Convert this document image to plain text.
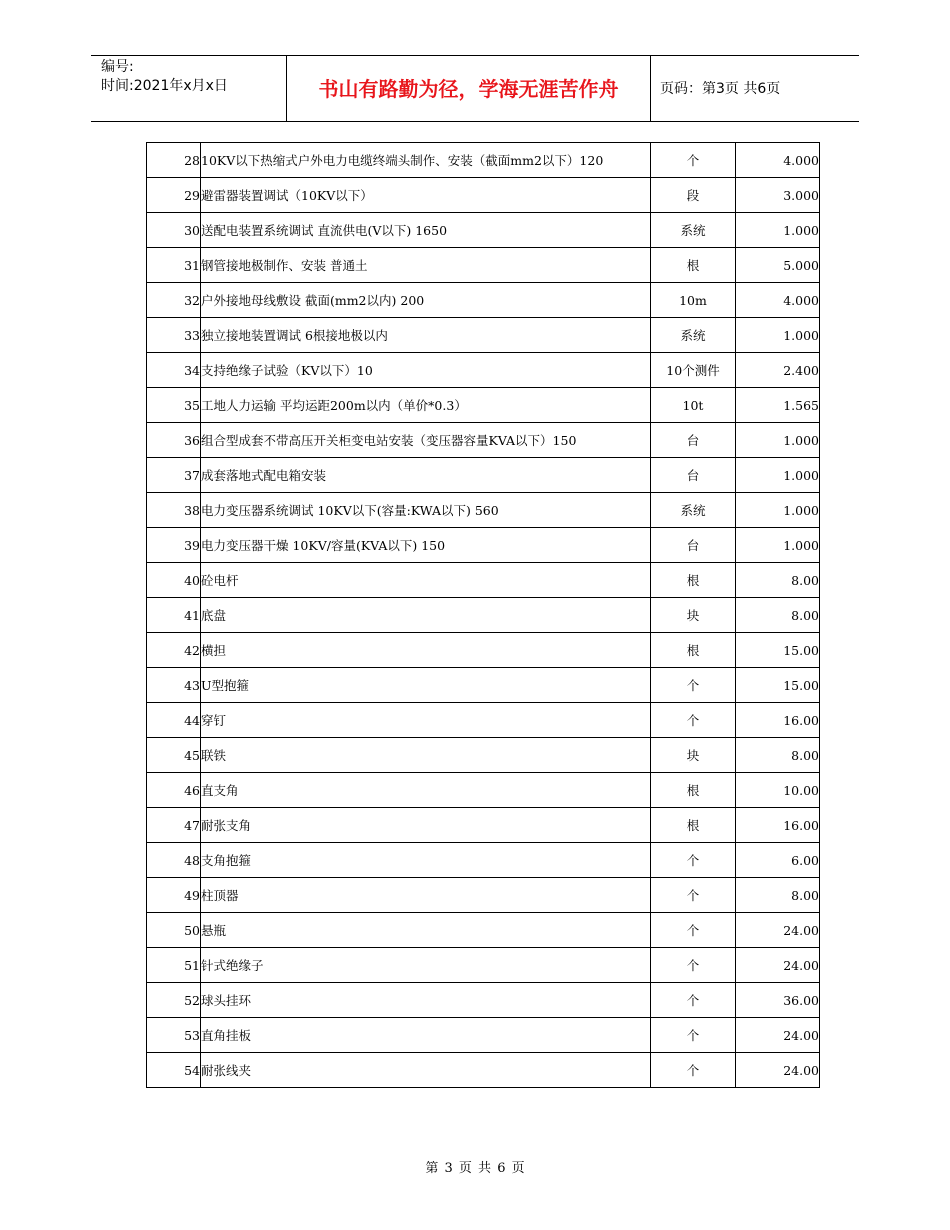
编号:
时间:2021年x月x日	书山有路勤为径，学海无涯苦作舟	页码：第3页 共6页
28	10KV以下热缩式户外电力电缆终端头制作、安装（截面mm2以下）120	个	4.000
29	避雷器装置调试（10KV以下）	段	3.000
30	送配电装置系统调试 直流供电(V以下) 1650	系统	1.000
31	钢管接地极制作、安装 普通土	根	5.000
32	户外接地母线敷设 截面(mm2以内) 200	10m	4.000
33	独立接地装置调试 6根接地极以内	系统	1.000
34	支持绝缘子试验（KV以下）10	10个测件	2.400
35	工地人力运输 平均运距200m以内（单价*0.3）	10t	1.565
36	组合型成套不带高压开关柜变电站安装（变压器容量KVA以下）150	台	1.000
37	成套落地式配电箱安装	台	1.000
38	电力变压器系统调试 10KV以下(容量:KWA以下) 560	系统	1.000
39	电力变压器干燥 10KV/容量(KVA以下) 150	台	1.000
40	砼电杆	根	8.00
41	底盘	块	8.00
42	横担	根	15.00
43	U型抱箍	个	15.00
44	穿钉	个	16.00
45	联铁	块	8.00
46	直支角	根	10.00
47	耐张支角	根	16.00
48	支角抱箍	个	6.00
49	柱顶器	个	8.00
50	悬瓶	个	24.00
51	针式绝缘子	个	24.00
52	球头挂环	个	36.00
53	直角挂板	个	24.00
54	耐张线夹	个	24.00
第 3 页 共 6 页
